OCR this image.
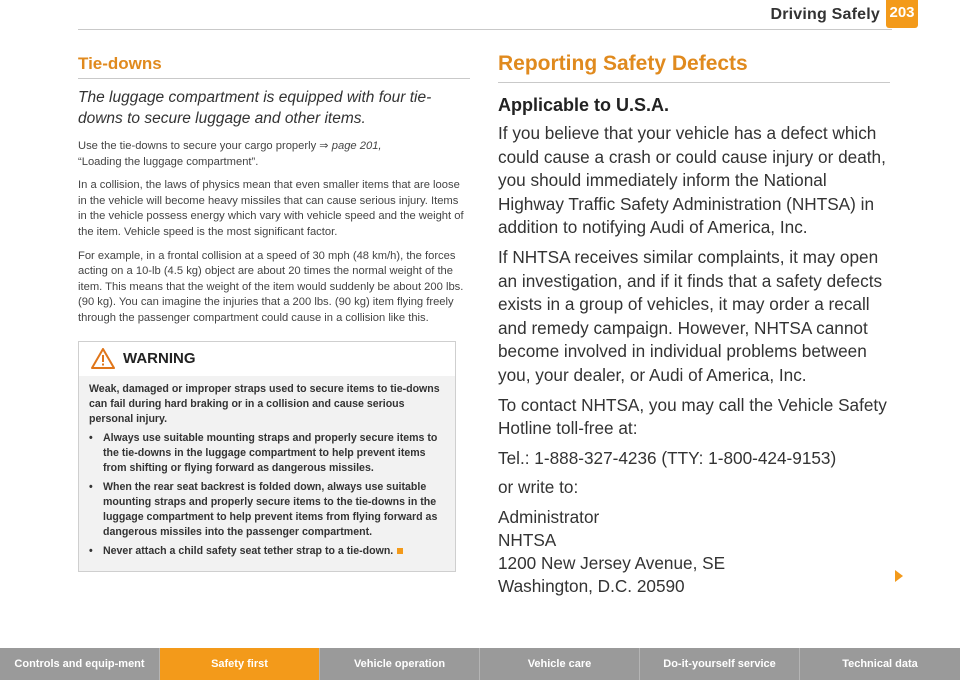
Driving Safely 203
Tie-downs

The luggage compartment is equipped with four tie-downs to secure luggage and other items.

Use the tie-downs to secure your cargo properly ⇒ page 201,
“Loading the luggage compartment”.

In a collision, the laws of physics mean that even smaller items that are loose in the vehicle will become heavy missiles that can cause serious injury. Items in the vehicle possess energy which vary with vehicle speed and the weight of the item. Vehicle speed is the most significant factor.

For example, in a frontal collision at a speed of 30 mph (48 km/h), the forces acting on a 10-lb (4.5 kg) object are about 20 times the normal weight of the item. This means that the weight of the item would suddenly be about 200 lbs. (90 kg). You can imagine the injuries that a 200 lbs. (90 kg) item flying freely through the passenger compartment could cause in a collision like this.

WARNING

Weak, damaged or improper straps used to secure items to tie-downs can fail during hard braking or in a collision and cause serious personal injury.

• Always use suitable mounting straps and properly secure items to the tie-downs in the luggage compartment to help prevent items from shifting or flying forward as dangerous missiles.

• When the rear seat backrest is folded down, always use suitable mounting straps and properly secure items to the tie-downs in the luggage compartment to help prevent items from flying forward as dangerous missiles into the passenger compartment.

• Never attach a child safety seat tether strap to a tie-down.

Reporting Safety Defects
Applicable to U.S.A.

If you believe that your vehicle has a defect which could cause a crash or could cause injury or death, you should immediately inform the National Highway Traffic Safety Administration (NHTSA) in addition to notifying Audi of America, Inc.

If NHTSA receives similar complaints, it may open an investigation, and if it finds that a safety defects exists in a group of vehicles, it may order a recall and remedy campaign. However, NHTSA cannot become involved in individual problems between you, your dealer, or Audi of America, Inc.

To contact NHTSA, you may call the Vehicle Safety Hotline toll-free at:

Tel.: 1-888-327-4236 (TTY: 1-800-424-9153)

or write to:

Administrator

NHTSA

1200 New Jersey Avenue, SE

Washington, D.C. 20590

Controls and equip-ment	Safety first	Vehicle operation	Vehicle care	Do-it-yourself service	Technical data
